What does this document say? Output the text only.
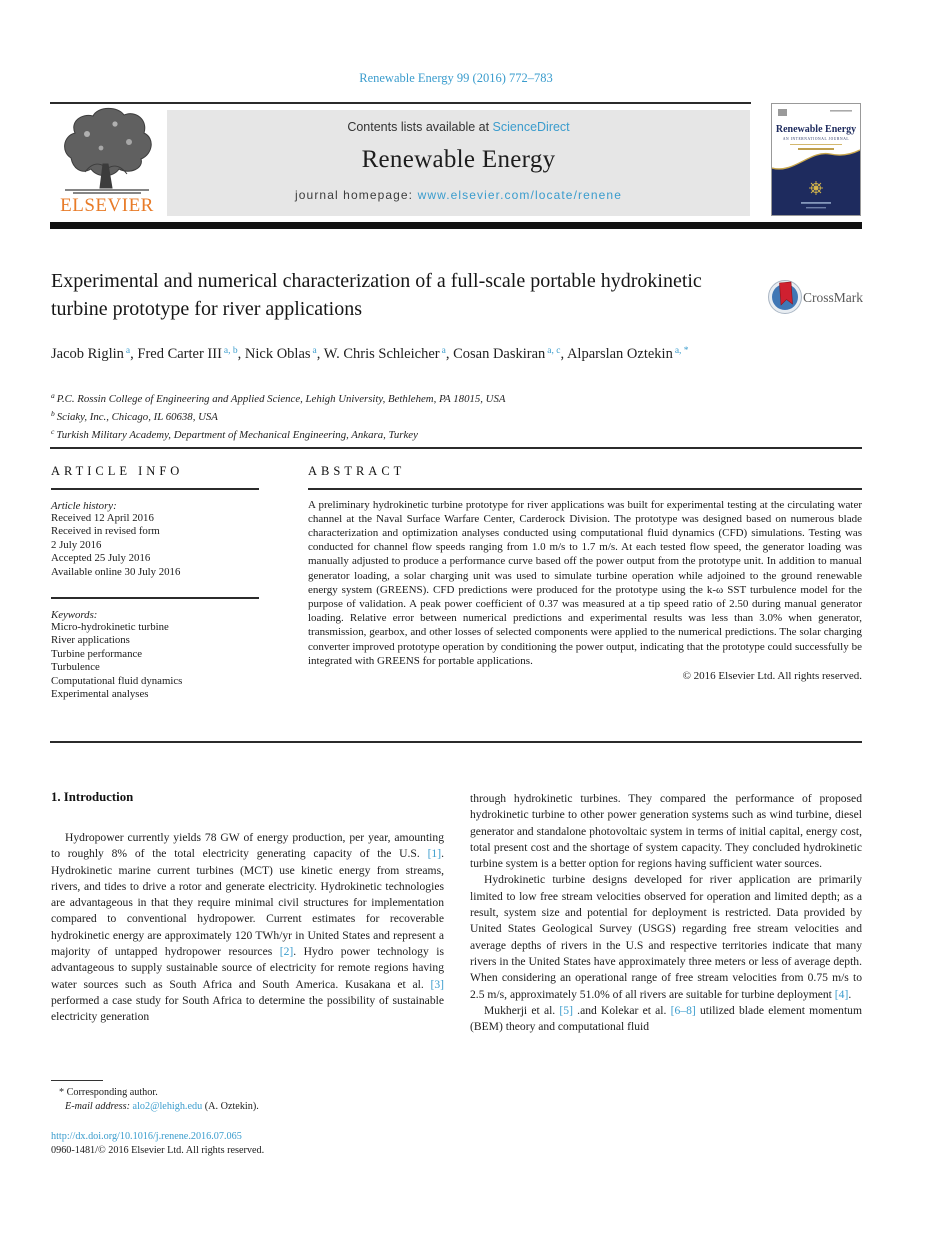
Renewable Energy 99 (2016) 772–783
ELSEVIER
Contents lists available at ScienceDirect
Renewable Energy
journal homepage: www.elsevier.com/locate/renene
Renewable Energy
AN INTERNATIONAL JOURNAL
Experimental and numerical characterization of a full-scale portable hydrokinetic turbine prototype for river applications	CrossMark
Jacob Riglin $^a$, Fred Carter III $^{a, b}$, Nick Oblas $^a$, W. Chris Schleicher $^a$, Cosan Daskiran $^{a, c}$, Alparslan Oztekin $^{a, *}$
$^a$ P.C. Rossin College of Engineering and Applied Science, Lehigh University, Bethlehem, PA 18015, USA
$^b$ Sciaky, Inc., Chicago, IL 60638, USA
$^c$ Turkish Military Academy, Department of Mechanical Engineering, Ankara, Turkey
ARTICLE INFO
Article history:
Received 12 April 2016
Received in revised form
2 July 2016
Accepted 25 July 2016
Available online 30 July 2016
Keywords:
Micro-hydrokinetic turbine
River applications
Turbine performance
Turbulence
Computational fluid dynamics
Experimental analyses
ABSTRACT

A preliminary hydrokinetic turbine prototype for river applications was built for experimental testing at the circulating water channel at the Naval Surface Warfare Center, Carderock Division. The prototype was designed based on numerous blade characterization and optimization analyses conducted using computational fluid dynamics (CFD) simulations. Testing was conducted for channel flow speeds ranging from 1.0 m/s to 1.7 m/s. At each tested flow speed, the generator loading was manually adjusted to produce a performance curve based off the power output from the prototype unit. In addition to manual generator loading, a solar charging unit was used to simulate turbine operation while adjoined to the ground renewable energy system (GREENS). CFD predictions were produced for the prototype using the k-ω SST turbulence model for the purpose of validation. A peak power coefficient of 0.37 was measured at a tip speed ratio of 2.50 during manual generator loading. Relative error between numerical predictions and experimental results was less than 3.0% when generator, transmission, gearbox, and other losses of selected components were applied to the numerical predictions. The solar charging converter improved prototype operation by conditioning the power output, indicating that the prototype could successfully be integrated with GREENS for portable applications.

© 2016 Elsevier Ltd. All rights reserved.
1. Introduction

Hydropower currently yields 78 GW of energy production, per year, amounting to roughly 8% of the total electricity generating capacity of the U.S. [1]. Hydrokinetic marine current turbines (MCT) use kinetic energy from streams, rivers, and tides to drive a rotor and generate electricity. Hydrokinetic technologies are advantageous in that they require minimal civil structures for implementation compared to conventional hydropower. Current estimates for recoverable hydrokinetic energy are approximately 120 TWh/yr in United States and represent a majority of untapped hydropower resources [2]. Hydro power technology is advantageous to supply sustainable source of electricity for remote regions having water sources such as South Africa and South America. Kusakana et al. [3] performed a case study for South Africa to determine the possibility of sustainable electricity generation

through hydrokinetic turbines. They compared the performance of proposed hydrokinetic turbine to other power generation systems such as wind turbine, diesel generator and standalone photovoltaic system in terms of initial capital, energy cost, total present cost and the shortage of system capacity. They concluded hydrokinetic turbine system is a better option for regions having sufficient water sources.

Hydrokinetic turbine designs developed for river application are primarily limited to low free stream velocities observed for operation and limited depth; as a result, system size and potential for deployment is restricted. Data provided by United States Geological Survey (USGS) regarding free stream velocities and average depths of rivers in the U.S and respective territories indicate that many rivers in the United States have approximately three meters or less of average depth. When considering an operational range of free stream velocities from 0.75 m/s to 2.5 m/s, approximately 51.0% of all rivers are suitable for turbine deployment [4].

Mukherji et al. [5] .and Kolekar et al. [6–8] utilized blade element momentum (BEM) theory and computational fluid

* Corresponding author.
E-mail address: alo2@lehigh.edu (A. Oztekin).
http://dx.doi.org/10.1016/j.renene.2016.07.065
0960-1481/© 2016 Elsevier Ltd. All rights reserved.
